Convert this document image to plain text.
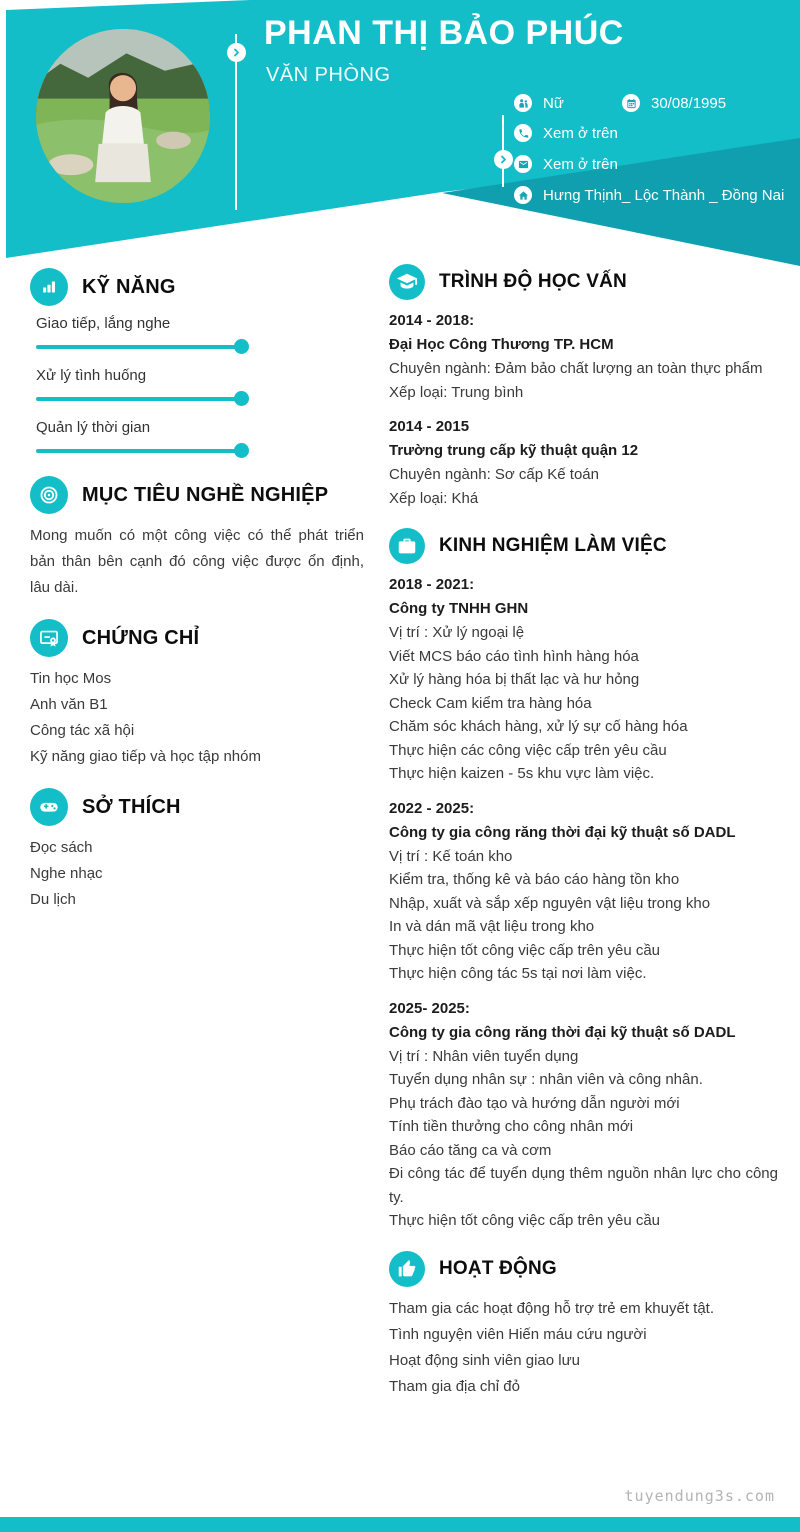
PHAN THỊ BẢO PHÚC
VĂN PHÒNG
Nữ	30/08/1995
Xem ở trên
Xem ở trên
Hưng Thịnh_ Lộc Thành _ Đồng Nai
KỸ NĂNG
Giao tiếp, lắng nghe
Xử lý tình huống
Quản lý thời gian
MỤC TIÊU NGHỀ NGHIỆP

Mong muốn có một công việc có thể phát triển bản thân bên cạnh đó công việc được ổn định, lâu dài.

CHỨNG CHỈ
Tin học Mos
Anh văn B1
Công tác xã hội
Kỹ năng giao tiếp và học tập nhóm
SỞ THÍCH
Đọc sách
Nghe nhạc
Du lịch
TRÌNH ĐỘ HỌC VẤN
2014 - 2018:
Đại Học Công Thương TP. HCM
Chuyên ngành: Đảm bảo chất lượng an toàn thực phẩm
Xếp loại: Trung bình
2014 - 2015
Trường trung cấp kỹ thuật quận 12
Chuyên ngành: Sơ cấp Kế toán
Xếp loại: Khá
KINH NGHIỆM LÀM VIỆC
2018 - 2021:
Công ty TNHH GHN
Vị trí : Xử lý ngoại lệ
Viết MCS báo cáo tình hình hàng hóa
Xử lý hàng hóa bị thất lạc và hư hỏng
Check Cam kiểm tra hàng hóa
Chăm sóc khách hàng, xử lý sự cố hàng hóa
Thực hiện các công việc cấp trên yêu cầu
Thực hiện kaizen - 5s khu vực làm việc.
2022 - 2025:
Công ty gia công răng thời đại kỹ thuật số DADL
Vị trí : Kế toán kho
Kiểm tra, thống kê và báo cáo hàng tồn kho
Nhập, xuất và sắp xếp nguyên vật liệu trong kho
In và dán mã vật liệu trong kho
Thực hiện tốt công việc cấp trên yêu cầu
Thực hiện công tác 5s tại nơi làm việc.
2025- 2025:
Công ty gia công răng thời đại kỹ thuật số DADL
Vị trí : Nhân viên tuyển dụng
Tuyển dụng nhân sự : nhân viên và công nhân.
Phụ trách đào tạo và hướng dẫn người mới
Tính tiền thưởng cho công nhân mới
Báo cáo tăng ca và cơm
Đi công tác để tuyển dụng thêm nguồn nhân lực cho công ty.
Thực hiện tốt công việc cấp trên yêu cầu
HOẠT ĐỘNG
Tham gia các hoạt động hỗ trợ trẻ em khuyết tật.
Tình nguyện viên Hiến máu cứu người
Hoạt động sinh viên giao lưu
Tham gia địa chỉ đỏ
tuyendung3s.com
